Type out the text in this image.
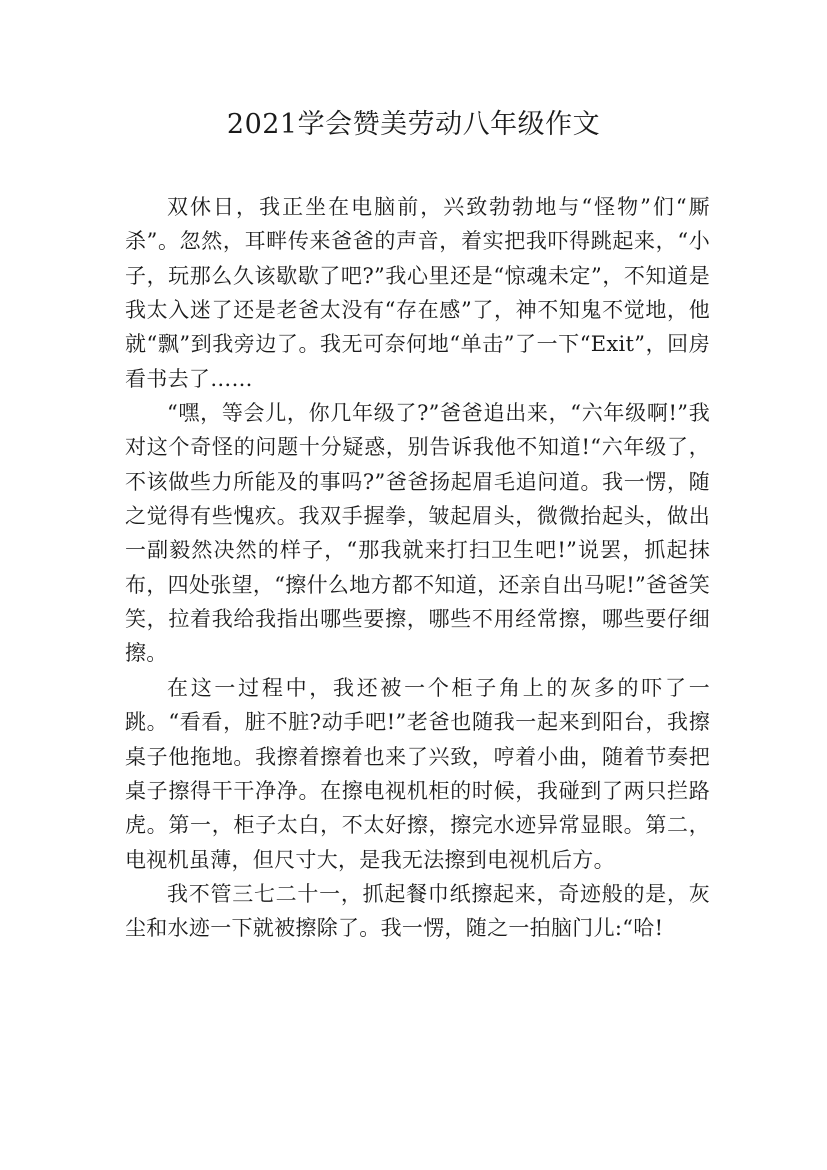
2021学会赞美劳动八年级作文

双休日，我正坐在电脑前，兴致勃勃地与“怪物”们“厮杀”。忽然，耳畔传来爸爸的声音，着实把我吓得跳起来，“小子，玩那么久该歇歇了吧?”我心里还是“惊魂未定”，不知道是我太入迷了还是老爸太没有“存在感”了，神不知鬼不觉地，他就“飘”到我旁边了。我无可奈何地“单击”了一下“Exit”，回房看书去了……

“嘿，等会儿，你几年级了?”爸爸追出来，“六年级啊!”我对这个奇怪的问题十分疑惑，别告诉我他不知道!“六年级了，不该做些力所能及的事吗?”爸爸扬起眉毛追问道。我一愣，随之觉得有些愧疚。我双手握拳，皱起眉头，微微抬起头，做出一副毅然决然的样子，“那我就来打扫卫生吧!”说罢，抓起抹布，四处张望，“擦什么地方都不知道，还亲自出马呢!”爸爸笑笑，拉着我给我指出哪些要擦，哪些不用经常擦，哪些要仔细擦。

在这一过程中，我还被一个柜子角上的灰多的吓了一跳。“看看，脏不脏?动手吧!”老爸也随我一起来到阳台，我擦桌子他拖地。我擦着擦着也来了兴致，哼着小曲，随着节奏把桌子擦得干干净净。在擦电视机柜的时候，我碰到了两只拦路虎。第一，柜子太白，不太好擦，擦完水迹异常显眼。第二，电视机虽薄，但尺寸大，是我无法擦到电视机后方。

我不管三七二十一，抓起餐巾纸擦起来，奇迹般的是，灰尘和水迹一下就被擦除了。我一愣，随之一拍脑门儿:“哈!
